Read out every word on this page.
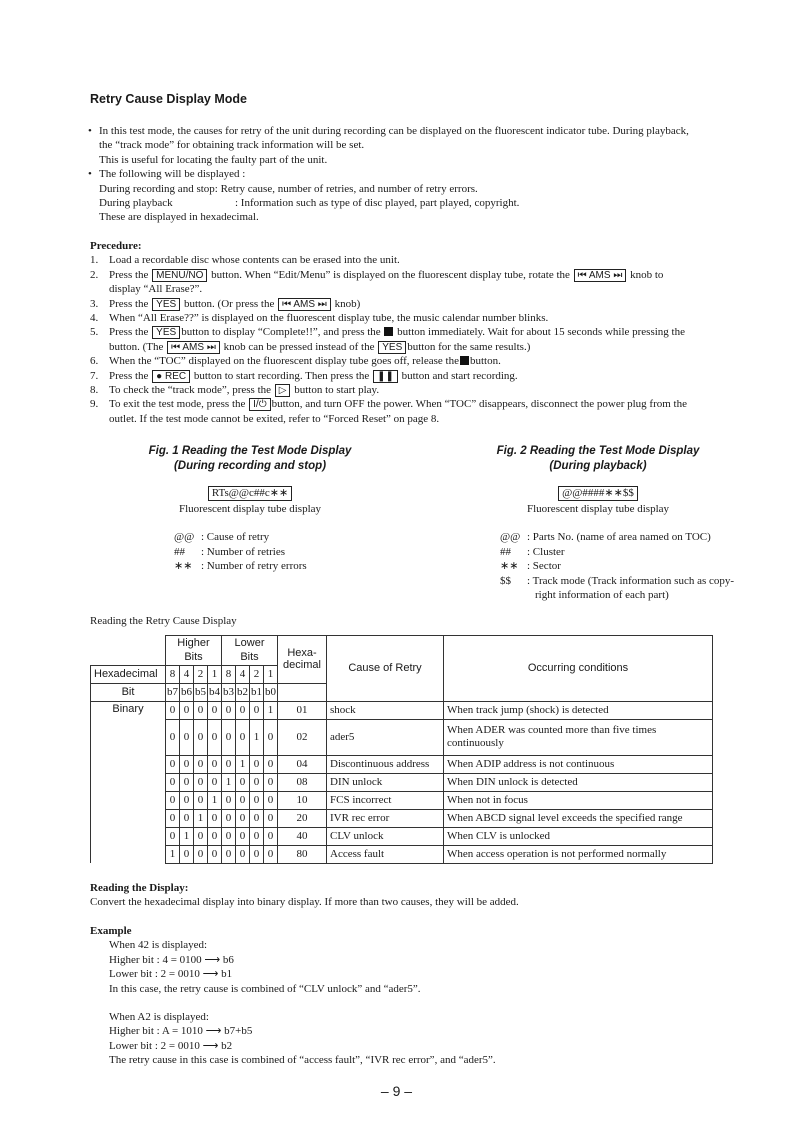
Retry Cause Display Mode
• In this test mode, the causes for retry of the unit during recording can be displayed on the fluorescent indicator tube. During playback,

the “track mode” for obtaining track information will be set.

This is useful for locating the faulty part of the unit.

• The following will be displayed :

During recording and stop: Retry cause, number of retries, and number of retry errors.

During playback	: Information such as type of disc played, part played, copyright.

These are displayed in hexadecimal.

Precedure:

1. Load a recordable disc whose contents can be erased into the unit.
2. Press the MENU/NO button. When “Edit/Menu” is displayed on the fluorescent display tube, rotate the ⏮ AMS ⏭ knob to
display “All Erase?”.
3. Press the YES button. (Or press the ⏮ AMS ⏭ knob)
4. When “All Erase??” is displayed on the fluorescent display tube, the music calendar number blinks.
5. Press the YES button to display “Complete!!”, and press the button immediately. Wait for about 15 seconds while pressing the
button. (The ⏮ AMS ⏭ knob can be pressed instead of the YES button for the same results.)
6. When the “TOC” displayed on the fluorescent display tube goes off, release the button.
7. Press the ● REC button to start recording. Then press the ❚❚ button and start recording.
8. To check the “track mode”, press the ▷ button to start play.
9. To exit the test mode, press the I/⏻ button, and turn OFF the power. When “TOC” disappears, disconnect the power plug from the
outlet. If the test mode cannot be exited, refer to “Forced Reset” on page 8.
Fig. 1 Reading the Test Mode Display
(During recording and stop)
RTs@@c##c∗∗
Fluorescent display tube display
@@ : Cause of retry
## : Number of retries
∗∗ : Number of retry errors
Fig. 2 Reading the Test Mode Display
(During playback)
@@####∗∗$$
Fluorescent display tube display
@@ : Parts No. (name of area named on TOC)
## : Cluster
∗∗ : Sector
$$ : Track mode (Track information such as copy-
right information of each part)
Reading the Retry Cause Display
	Higher Bits				Lower Bits				Hexa-decimal	Cause of Retry	Occurring conditions
Hexadecimal	8	4	2	1	8	4	2	1			
Bit	b7	b6	b5	b4	b3	b2	b1	b0			
Binary	0	0	0	0	0	0	0	1	01	shock	When track jump (shock) is detected
	0	0	0	0	0	0	1	0	02	ader5	When ADER was counted more than five times continuously
	0	0	0	0	0	1	0	0	04	Discontinuous address	When ADIP address is not continuous
	0	0	0	0	1	0	0	0	08	DIN unlock	When DIN unlock is detected
	0	0	0	1	0	0	0	0	10	FCS incorrect	When not in focus
	0	0	1	0	0	0	0	0	20	IVR rec error	When ABCD signal level exceeds the specified range
	0	1	0	0	0	0	0	0	40	CLV unlock	When CLV is unlocked
	1	0	0	0	0	0	0	0	80	Access fault	When access operation is not performed normally
Reading the Display:
Convert the hexadecimal display into binary display. If more than two causes, they will be added.
Example
When 42 is displayed:
Higher bit : 4 = 0100 ⟶ b6
Lower bit : 2 = 0010 ⟶ b1
In this case, the retry cause is combined of “CLV unlock” and “ader5”.
When A2 is displayed:
Higher bit : A = 1010 ⟶ b7+b5
Lower bit : 2 = 0010 ⟶ b2
The retry cause in this case is combined of “access fault”, “IVR rec error”, and “ader5”.
– 9 –
